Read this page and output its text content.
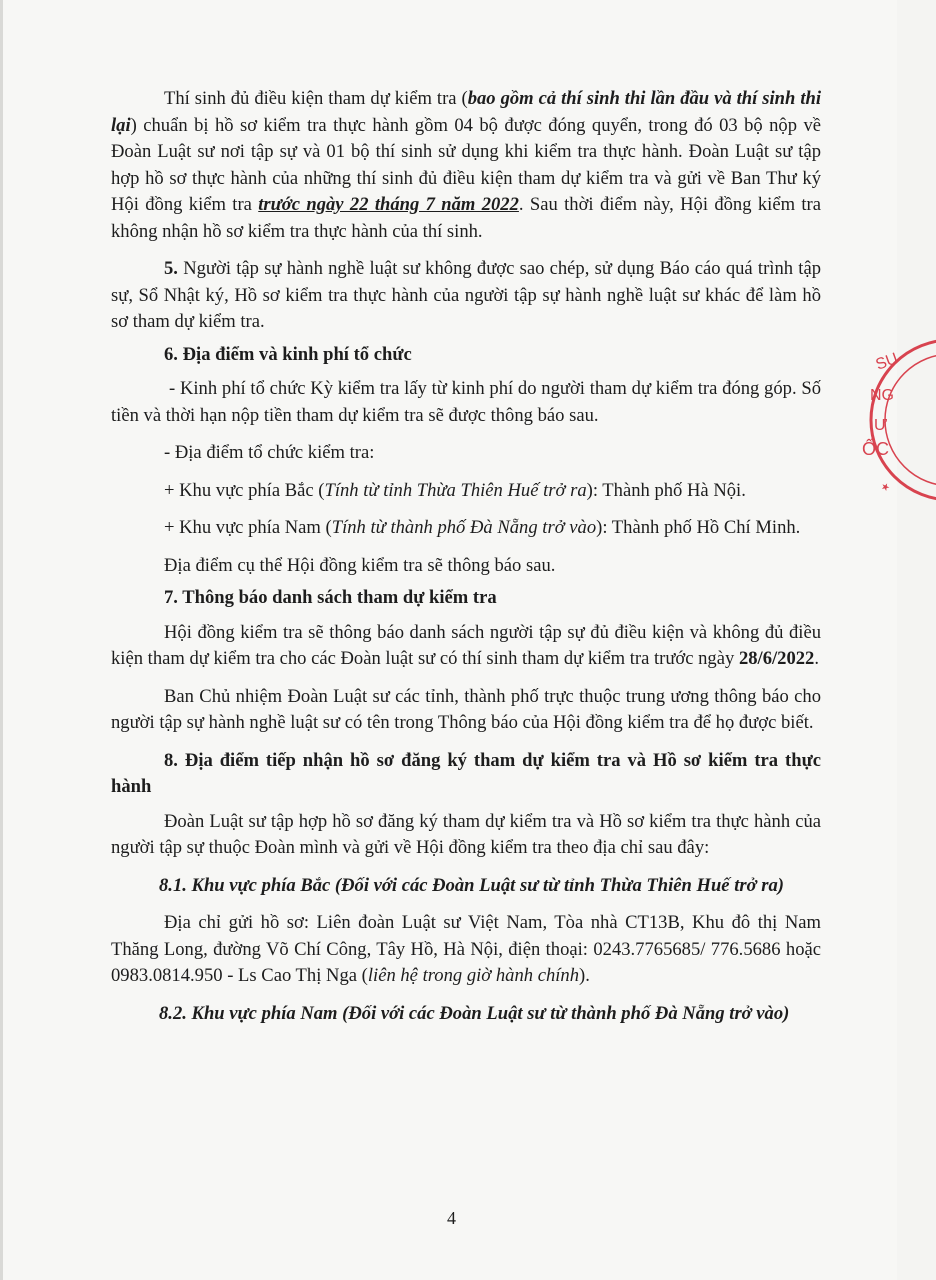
Thí sinh đủ điều kiện tham dự kiểm tra (bao gồm cả thí sinh thi lần đầu và thí sinh thi lại) chuẩn bị hồ sơ kiểm tra thực hành gồm 04 bộ được đóng quyển, trong đó 03 bộ nộp về Đoàn Luật sư nơi tập sự và 01 bộ thí sinh sử dụng khi kiểm tra thực hành. Đoàn Luật sư tập hợp hồ sơ thực hành của những thí sinh đủ điều kiện tham dự kiểm tra và gửi về Ban Thư ký Hội đồng kiểm tra trước ngày 22 tháng 7 năm 2022. Sau thời điểm này, Hội đồng kiểm tra không nhận hồ sơ kiểm tra thực hành của thí sinh.

5. Người tập sự hành nghề luật sư không được sao chép, sử dụng Báo cáo quá trình tập sự, Sổ Nhật ký, Hồ sơ kiểm tra thực hành của người tập sự hành nghề luật sư khác để làm hồ sơ tham dự kiểm tra.

6. Địa điểm và kinh phí tổ chức

- Kinh phí tổ chức Kỳ kiểm tra lấy từ kinh phí do người tham dự kiểm tra đóng góp. Số tiền và thời hạn nộp tiền tham dự kiểm tra sẽ được thông báo sau.

- Địa điểm tổ chức kiểm tra:

+ Khu vực phía Bắc (Tính từ tỉnh Thừa Thiên Huế trở ra): Thành phố Hà Nội.

+ Khu vực phía Nam (Tính từ thành phố Đà Nẵng trở vào): Thành phố Hồ Chí Minh.

Địa điểm cụ thể Hội đồng kiểm tra sẽ thông báo sau.

7. Thông báo danh sách tham dự kiểm tra

Hội đồng kiểm tra sẽ thông báo danh sách người tập sự đủ điều kiện và không đủ điều kiện tham dự kiểm tra cho các Đoàn luật sư có thí sinh tham dự kiểm tra trước ngày 28/6/2022.

Ban Chủ nhiệm Đoàn Luật sư các tỉnh, thành phố trực thuộc trung ương thông báo cho người tập sự hành nghề luật sư có tên trong Thông báo của Hội đồng kiểm tra để họ được biết.

8. Địa điểm tiếp nhận hồ sơ đăng ký tham dự kiểm tra và Hồ sơ kiểm tra thực hành

Đoàn Luật sư tập hợp hồ sơ đăng ký tham dự kiểm tra và Hồ sơ kiểm tra thực hành của người tập sự thuộc Đoàn mình và gửi về Hội đồng kiểm tra theo địa chỉ sau đây:

8.1. Khu vực phía Bắc (Đối với các Đoàn Luật sư từ tỉnh Thừa Thiên Huế trở ra)

Địa chỉ gửi hồ sơ: Liên đoàn Luật sư Việt Nam, Tòa nhà CT13B, Khu đô thị Nam Thăng Long, đường Võ Chí Công, Tây Hồ, Hà Nội, điện thoại: 0243.7765685/ 776.5686 hoặc 0983.0814.950 - Ls Cao Thị Nga (liên hệ trong giờ hành chính).

8.2. Khu vực phía Nam (Đối với các Đoàn Luật sư từ thành phố Đà Nẵng trở vào)

4
SU
NG
Ư
ỐC
★
